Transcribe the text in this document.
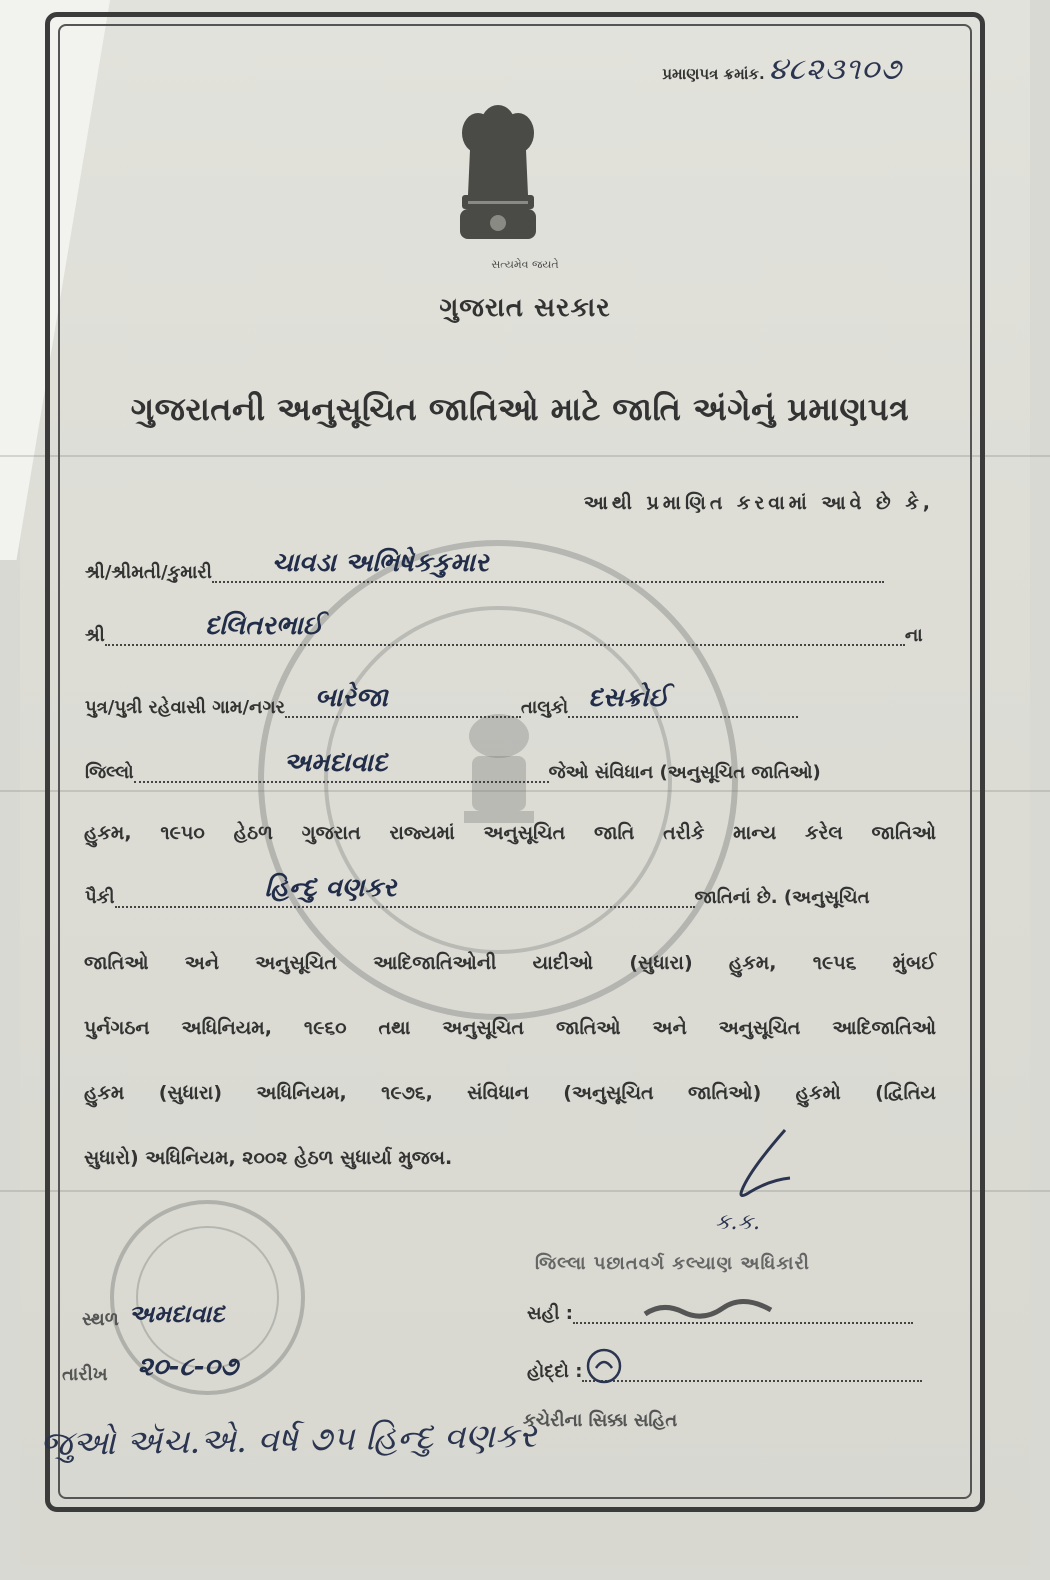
પ્રમાણપત્ર ક્રમાંક. ૪૮૨૩૧૦૭
સત્યમેવ જયતે
ગુજરાત સરકાર
ગુજરાતની અનુસૂચિત જાતિઓ માટે જાતિ અંગેનું પ્રમાણપત્ર
આથી પ્રમાણિત કરવામાં આવે છે કે,
શ્રી/શ્રીમતી/કુમારી ચાવડા અભિષેકકુમાર
શ્રી	દલિતરભાઈ	ના
પુત્ર/પુત્રી રહેવાસી ગામ/નગર બારેજા	તાલુકો દસક્રોઈ
જિલ્લો	અમદાવાદ	જેઓ સંવિધાન (અનુસૂચિત જાતિઓ)
હુકમ, ૧૯૫૦ હેઠળ ગુજરાત રાજ્યમાં અનુસૂચિત જાતિ તરીકે માન્ય કરેલ જાતિઓ
પૈકી	હિન્દુ વણકર	જાતિનાં છે. (અનુસૂચિત
જાતિઓ અને અનુસૂચિત આદિજાતિઓની યાદીઓ (સુધારા) હુકમ, ૧૯૫૬ મુંબઈ
પુર્નગઠન અધિનિયમ, ૧૯૬૦ તથા અનુસૂચિત જાતિઓ અને અનુસૂચિત આદિજાતિઓ
હુકમ (સુધારા) અધિનિયમ, ૧૯૭૬, સંવિધાન (અનુસૂચિત જાતિઓ) હુકમો (દ્વિતિય
સુધારો) અધિનિયમ, ૨૦૦૨ હેઠળ સુધાર્યા મુજબ.
ક.ક.
જિલ્લા પછાતવર્ગ કલ્યાણ અધિકારી
સહી :
હોદ્દો :
કચેરીના સિક્કા સહિત
સ્થળ અમદાવાદ
તારીખ ૨૦-૮-૦૭
જુઓ ઍચ.એ. વર્ષ ૭૫ હિન્દુ વણકર
